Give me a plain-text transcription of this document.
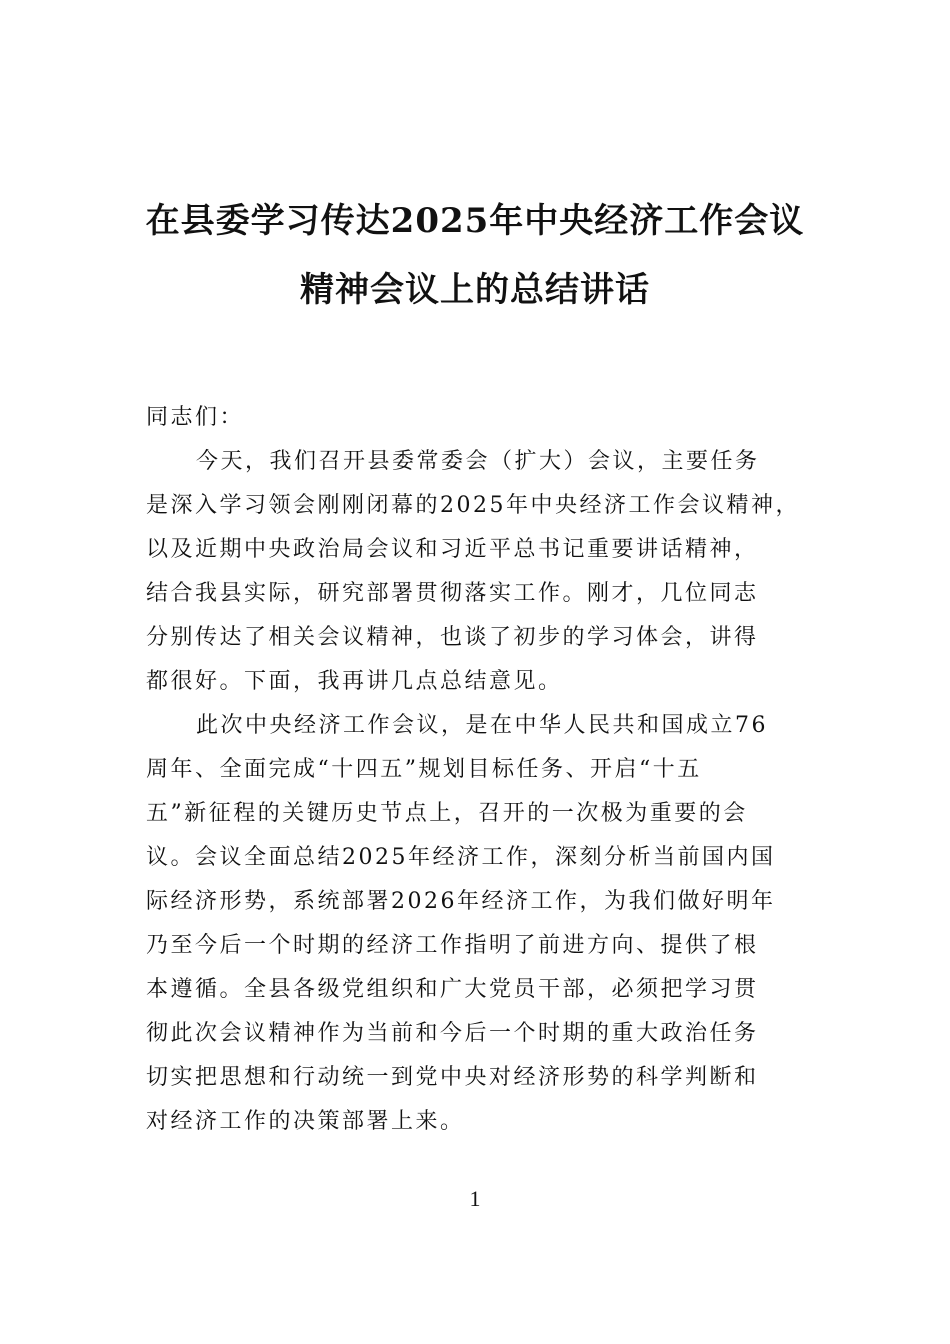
在县委学习传达2025年中央经济工作会议
精神会议上的总结讲话
同志们：
今天，我们召开县委常委会（扩大）会议，主要任务
是深入学习领会刚刚闭幕的2025年中央经济工作会议精神，
以及近期中央政治局会议和习近平总书记重要讲话精神，
结合我县实际，研究部署贯彻落实工作。刚才，几位同志
分别传达了相关会议精神，也谈了初步的学习体会，讲得
都很好。下面，我再讲几点总结意见。
此次中央经济工作会议，是在中华人民共和国成立76
周年、全面完成“十四五”规划目标任务、开启“十五
五”新征程的关键历史节点上，召开的一次极为重要的会
议。会议全面总结2025年经济工作，深刻分析当前国内国
际经济形势，系统部署2026年经济工作，为我们做好明年
乃至今后一个时期的经济工作指明了前进方向、提供了根
本遵循。全县各级党组织和广大党员干部，必须把学习贯
彻此次会议精神作为当前和今后一个时期的重大政治任务
切实把思想和行动统一到党中央对经济形势的科学判断和
对经济工作的决策部署上来。
1
